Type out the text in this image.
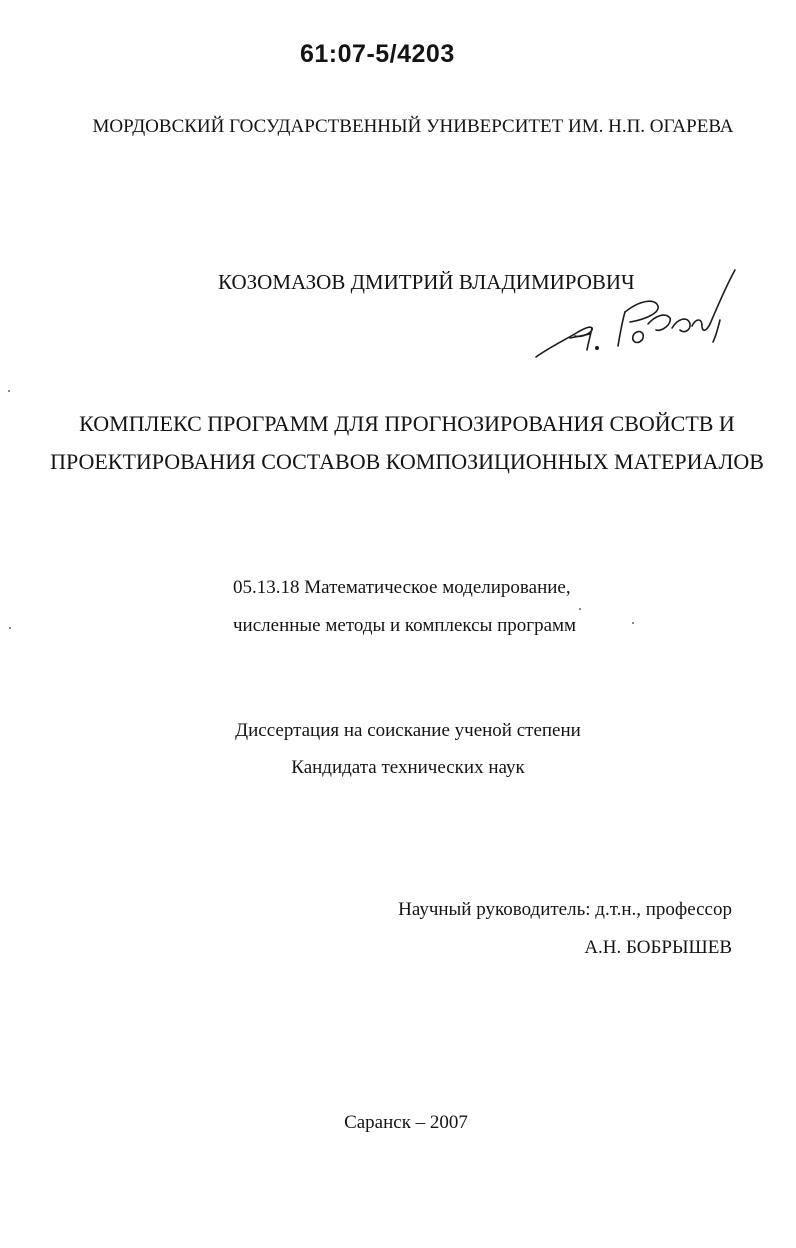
61:07-5/4203
МОРДОВСКИЙ ГОСУДАРСТВЕННЫЙ УНИВЕРСИТЕТ ИМ. Н.П. ОГАРЕВА
КОЗОМАЗОВ ДМИТРИЙ ВЛАДИМИРОВИЧ
КОМПЛЕКС ПРОГРАММ ДЛЯ ПРОГНОЗИРОВАНИЯ СВОЙСТВ И
ПРОЕКТИРОВАНИЯ СОСТАВОВ КОМПОЗИЦИОННЫХ МАТЕРИАЛОВ
05.13.18 Математическое моделирование,
численные методы и комплексы программ
Диссертация на соискание ученой степени
Кандидата технических наук
Научный руководитель: д.т.н., профессор
А.Н. БОБРЫШЕВ
Саранск – 2007
